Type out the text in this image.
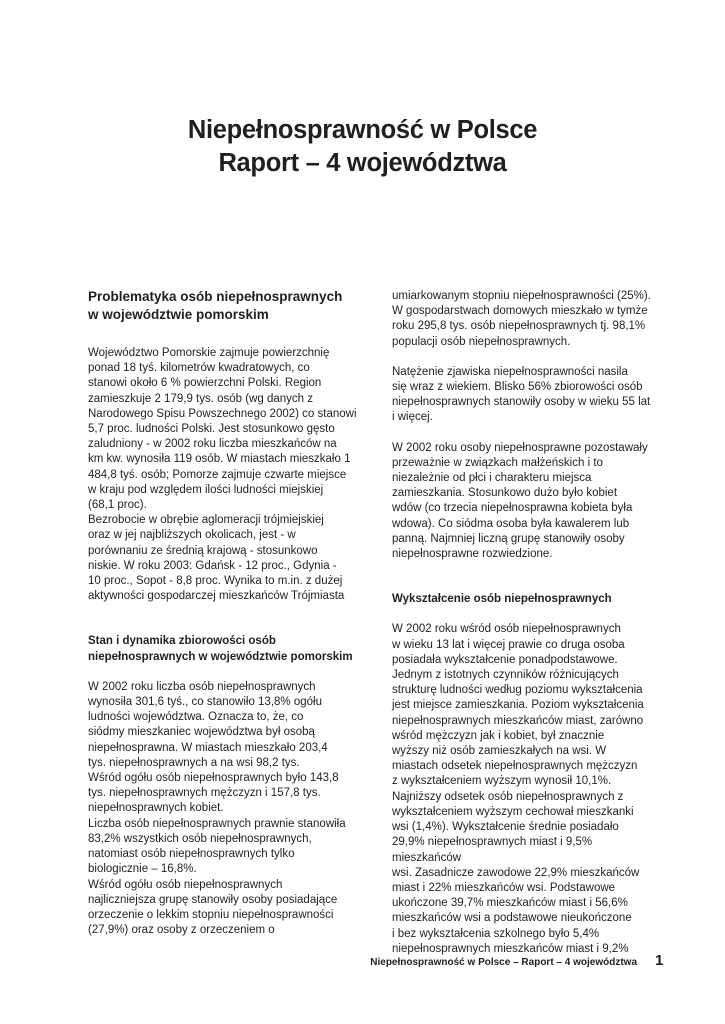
Niepełnosprawność w Polsce
Raport – 4 województwa
Problematyka osób niepełnosprawnych
w województwie pomorskim

Województwo Pomorskie zajmuje powierzchnię
ponad 18 tyś. kilometrów kwadratowych, co
stanowi około 6 % powierzchni Polski. Region
zamieszkuje 2 179,9 tys. osób (wg danych z
Narodowego Spisu Powszechnego 2002) co stanowi
5,7 proc. ludności Polski. Jest stosunkowo gęsto
zaludniony - w 2002 roku liczba mieszkańców na
km kw. wynosiła 119 osób. W miastach mieszkało 1
484,8 tyś. osób; Pomorze zajmuje czwarte miejsce
w kraju pod względem ilości ludności miejskiej
(68,1 proc).
Bezrobocie w obrębie aglomeracji trójmiejskiej
oraz w jej najbliższych okolicach, jest - w
porównaniu ze średnią krajową - stosunkowo
niskie. W roku 2003: Gdańsk - 12 proc., Gdynia -
10 proc., Sopot - 8,8 proc. Wynika to m.in. z dużej
aktywności gospodarczej mieszkańców Trójmiasta

Stan i dynamika zbiorowości osób
niepełnosprawnych w województwie pomorskim

W 2002 roku liczba osób niepełnosprawnych
wynosiła 301,6 tyś., co stanowiło 13,8% ogółu
ludności województwa. Oznacza to, że, co
siódmy mieszkaniec województwa był osobą
niepełnosprawna. W miastach mieszkało 203,4
tys. niepełnosprawnych a na wsi 98,2 tys.
Wśród ogółu osób niepełnosprawnych było 143,8
tys. niepełnosprawnych mężczyzn i 157,8 tys.
niepełnosprawnych kobiet.
Liczba osób niepełnosprawnych prawnie stanowiła
83,2% wszystkich osób niepełnosprawnych,
natomiast osób niepełnosprawnych tylko
biologicznie – 16,8%.
Wśród ogółu osób niepełnosprawnych
najliczniejsza grupę stanowiły osoby posiadające
orzeczenie o lekkim stopniu niepełnosprawności
(27,9%) oraz osoby z orzeczeniem o

umiarkowanym stopniu niepełnosprawności (25%).
W gospodarstwach domowych mieszkało w tymże
roku 295,8 tys. osób niepełnosprawnych tj. 98,1%
populacji osób niepełnosprawnych.

Natężenie zjawiska niepełnosprawności nasila
się wraz z wiekiem. Blisko 56% zbiorowości osób
niepełnosprawnych stanowiły osoby w wieku 55 lat
i więcej.

W 2002 roku osoby niepełnosprawne pozostawały
przeważnie w związkach małżeńskich i to
niezależnie od płci i charakteru miejsca
zamieszkania. Stosunkowo dużo było kobiet
wdów (co trzecia niepełnosprawna kobieta była
wdowa). Co siódma osoba była kawalerem lub
panną. Najmniej liczną grupę stanowiły osoby
niepełnosprawne rozwiedzione.

Wykształcenie osób niepełnosprawnych

W 2002 roku wśród osób niepełnosprawnych
w wieku 13 lat i więcej prawie co druga osoba
posiadała wykształcenie ponadpodstawowe.
Jednym z istotnych czynników różnicujących
strukturę ludności według poziomu wykształcenia
jest miejsce zamieszkania. Poziom wykształcenia
niepełnosprawnych mieszkańców miast, zarówno
wśród mężczyzn jak i kobiet, był znacznie
wyższy niż osób zamieszkałych na wsi. W
miastach odsetek niepełnosprawnych mężczyzn
z wykształceniem wyższym wynosił 10,1%.
Najniższy odsetek osób niepełnosprawnych z
wykształceniem wyższym cechował mieszkanki
wsi (1,4%). Wykształcenie średnie posiadało
29,9% niepełnosprawnych miast i 9,5% mieszkańców
wsi. Zasadnicze zawodowe 22,9% mieszkańców
miast i 22% mieszkańców wsi. Podstawowe
ukończone 39,7% mieszkańców miast i 56,6%
mieszkańców wsi a podstawowe nieukończone
i bez wykształcenia szkolnego było 5,4%
niepełnosprawnych mieszkańców miast i 9,2%

Niepełnosprawność w Polsce – Raport – 4 województwa 1
